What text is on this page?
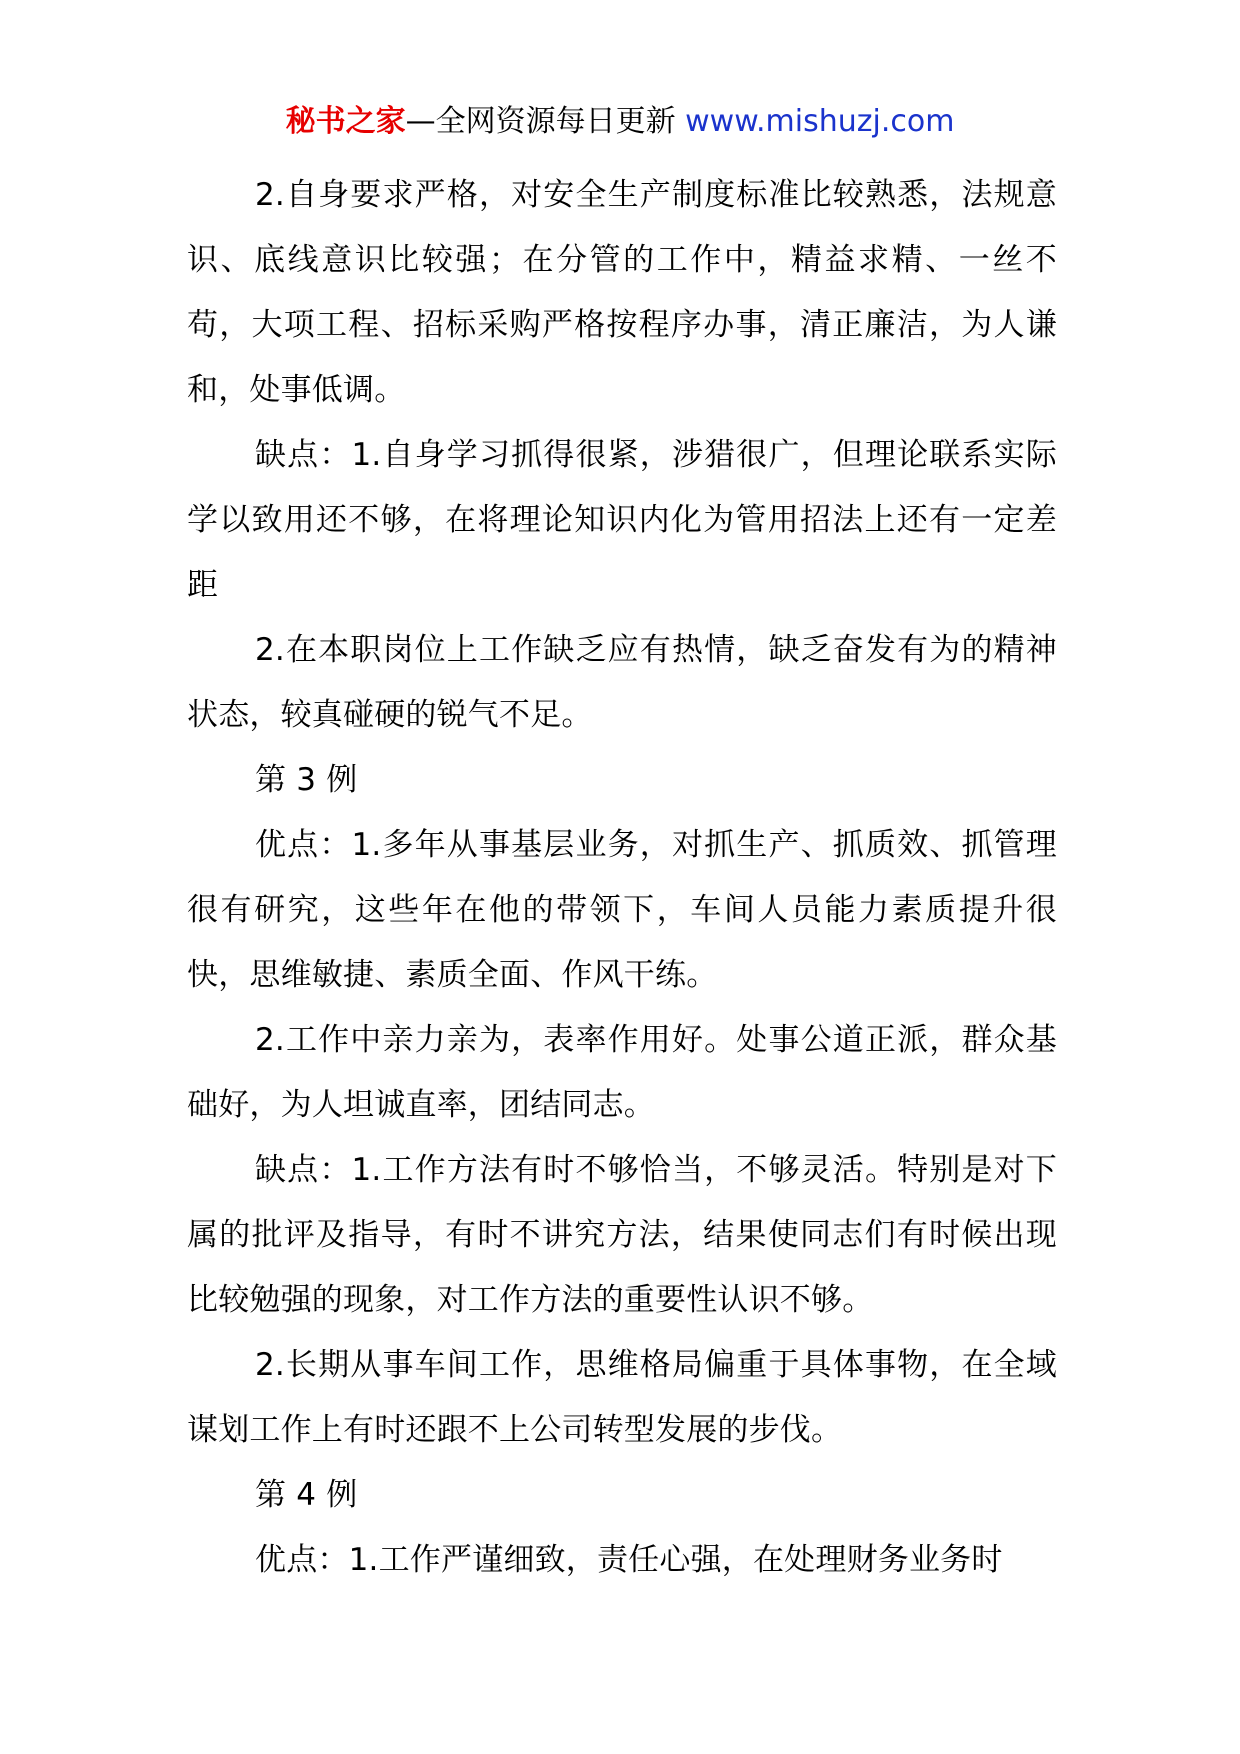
秘书之家—全网资源每日更新 www.mishuzj.com

2.自身要求严格，对安全生产制度标准比较熟悉，法规意识、底线意识比较强；在分管的工作中，精益求精、一丝不苟，大项工程、招标采购严格按程序办事，清正廉洁，为人谦和，处事低调。

缺点：1.自身学习抓得很紧，涉猎很广，但理论联系实际学以致用还不够，在将理论知识内化为管用招法上还有一定差距

2.在本职岗位上工作缺乏应有热情，缺乏奋发有为的精神状态，较真碰硬的锐气不足。

第 3 例

优点：1.多年从事基层业务，对抓生产、抓质效、抓管理很有研究，这些年在他的带领下，车间人员能力素质提升很快，思维敏捷、素质全面、作风干练。

2.工作中亲力亲为，表率作用好。处事公道正派，群众基础好，为人坦诚直率，团结同志。

缺点：1.工作方法有时不够恰当，不够灵活。特别是对下属的批评及指导，有时不讲究方法，结果使同志们有时候出现比较勉强的现象，对工作方法的重要性认识不够。

2.长期从事车间工作，思维格局偏重于具体事物，在全域谋划工作上有时还跟不上公司转型发展的步伐。

第 4 例

优点：1.工作严谨细致，责任心强，在处理财务业务时
